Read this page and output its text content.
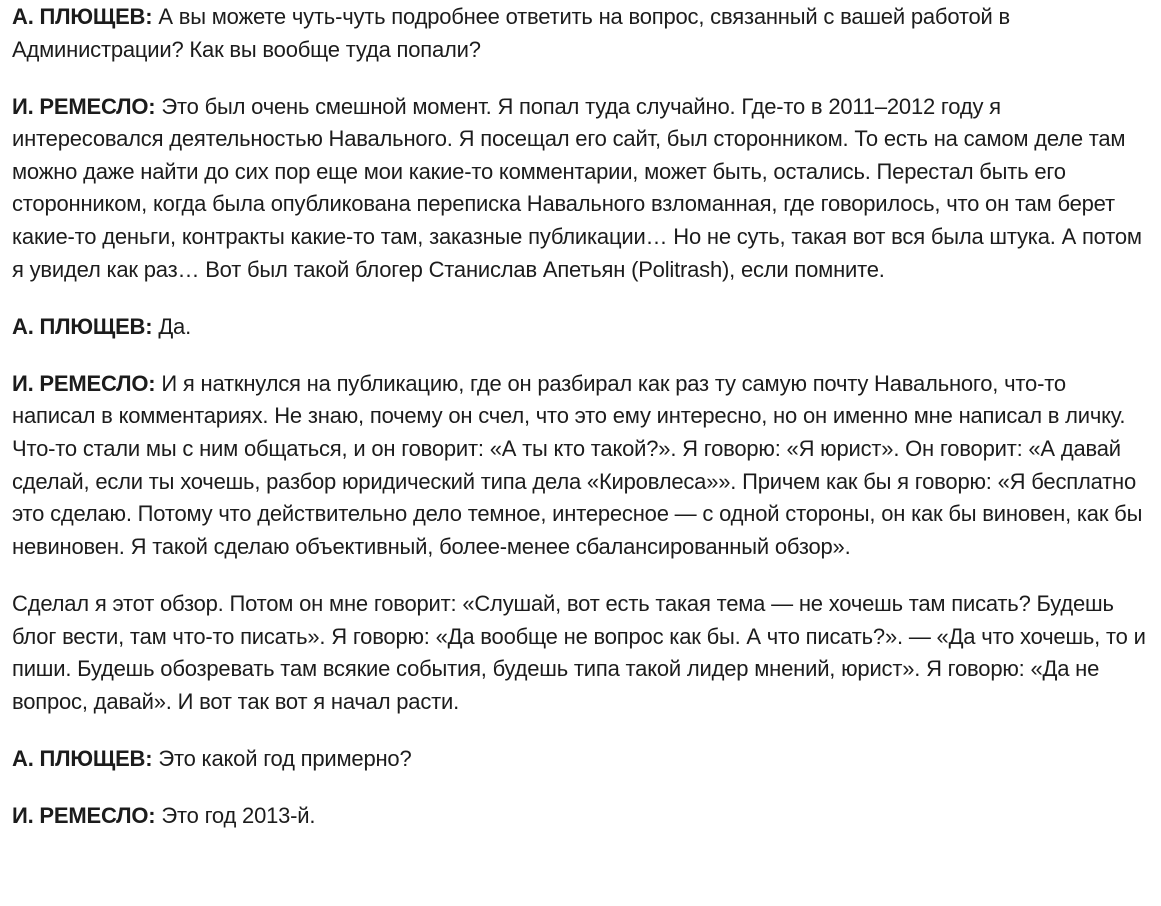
А. ПЛЮЩЕВ: А вы можете чуть-чуть подробнее ответить на вопрос, связанный с вашей работой в Администрации? Как вы вообще туда попали?

И. РЕМЕСЛО: Это был очень смешной момент. Я попал туда случайно. Где-то в 2011–2012 году я интересовался деятельностью Навального. Я посещал его сайт, был сторонником. То есть на самом деле там можно даже найти до сих пор еще мои какие-то комментарии, может быть, остались. Перестал быть его сторонником, когда была опубликована переписка Навального взломанная, где говорилось, что он там берет какие-то деньги, контракты какие-то там, заказные публикации… Но не суть, такая вот вся была штука. А потом я увидел как раз… Вот был такой блогер Станислав Апетьян (Politrash), если помните.

А. ПЛЮЩЕВ: Да.

И. РЕМЕСЛО: И я наткнулся на публикацию, где он разбирал как раз ту самую почту Навального, что-то написал в комментариях. Не знаю, почему он счел, что это ему интересно, но он именно мне написал в личку. Что-то стали мы с ним общаться, и он говорит: «А ты кто такой?». Я говорю: «Я юрист». Он говорит: «А давай сделай, если ты хочешь, разбор юридический типа дела «Кировлеса»». Причем как бы я говорю: «Я бесплатно это сделаю. Потому что действительно дело темное, интересное — с одной стороны, он как бы виновен, как бы невиновен. Я такой сделаю объективный, более-менее сбалансированный обзор».

Сделал я этот обзор. Потом он мне говорит: «Слушай, вот есть такая тема — не хочешь там писать? Будешь блог вести, там что-то писать». Я говорю: «Да вообще не вопрос как бы. А что писать?». — «Да что хочешь, то и пиши. Будешь обозревать там всякие события, будешь типа такой лидер мнений, юрист». Я говорю: «Да не вопрос, давай». И вот так вот я начал расти.

А. ПЛЮЩЕВ: Это какой год примерно?

И. РЕМЕСЛО: Это год 2013-й.
